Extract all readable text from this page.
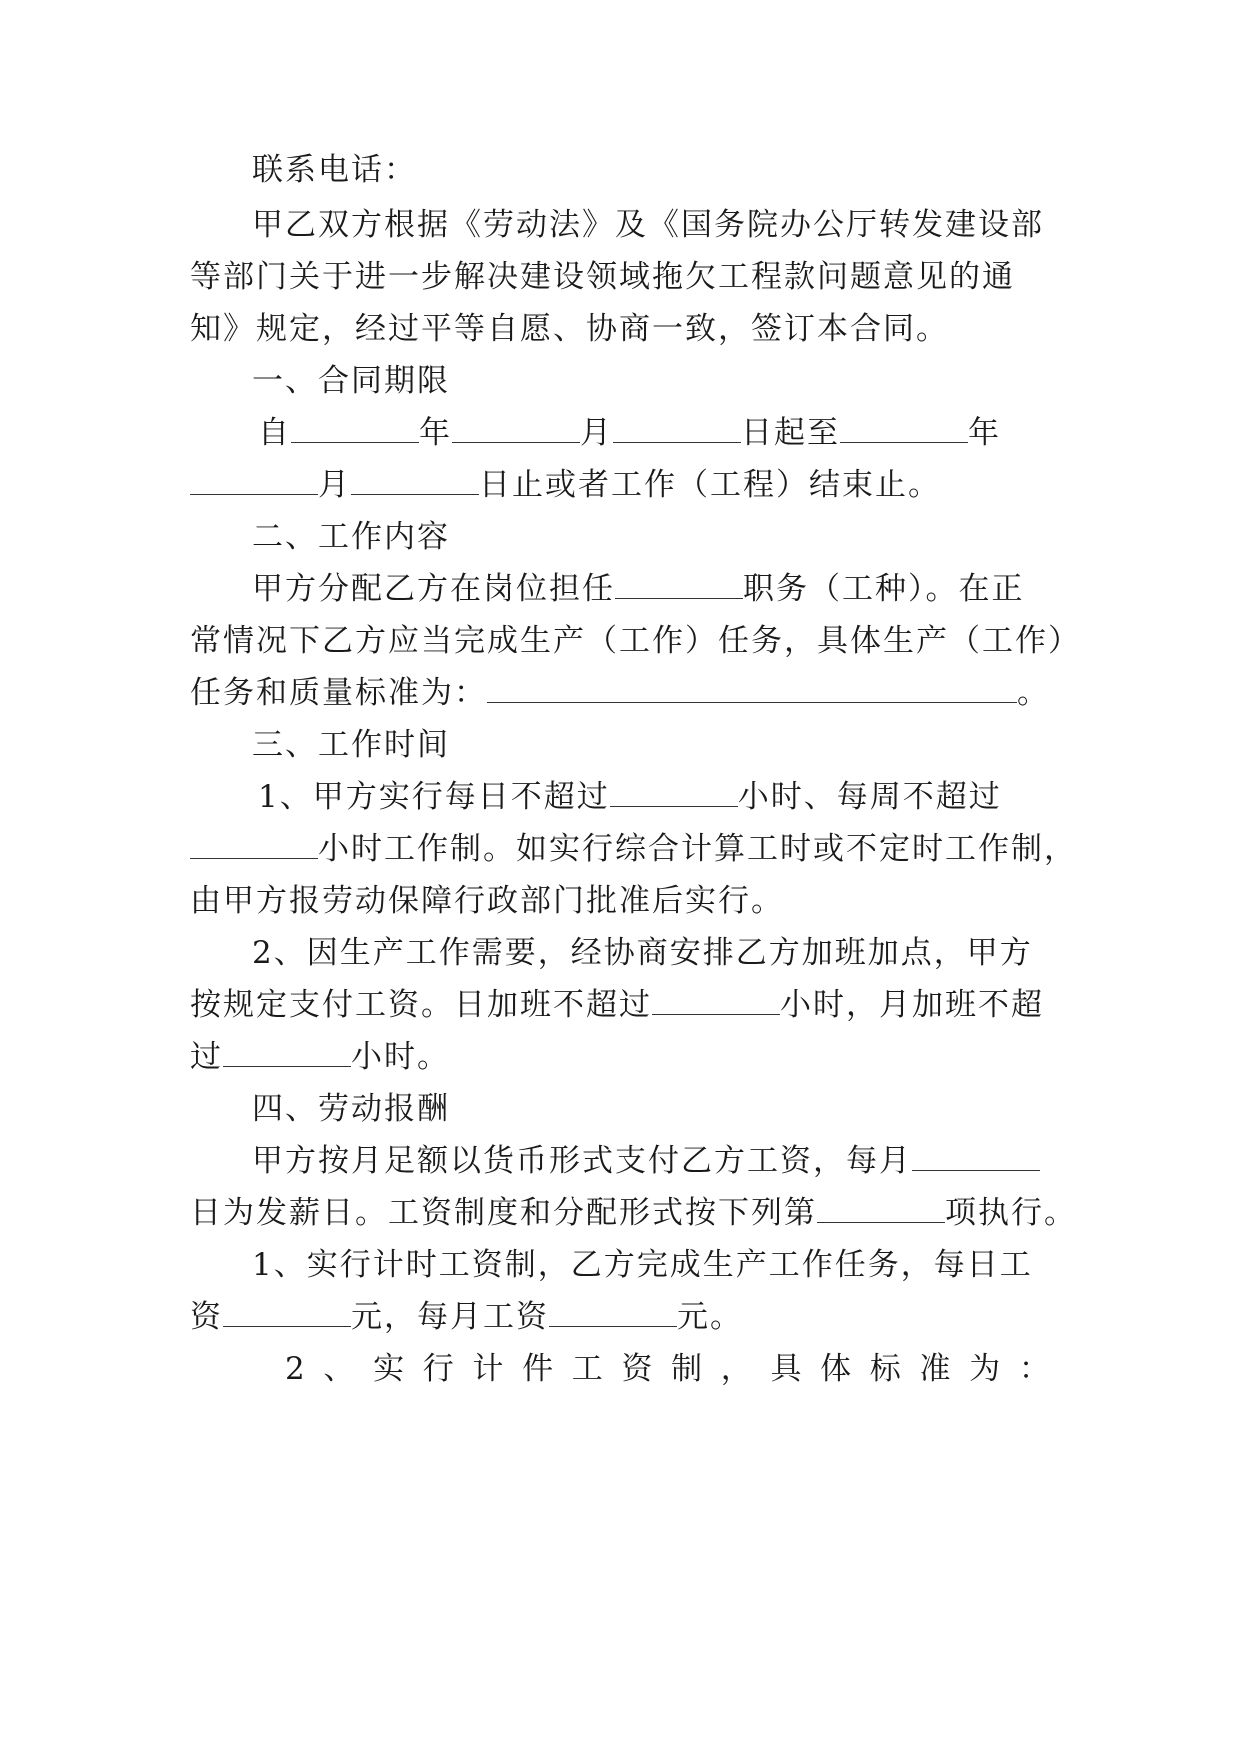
联系电话：
甲乙双方根据《劳动法》及《国务院办公厅转发建设部
等部门关于进一步解决建设领域拖欠工程款问题意见的通
知》规定，经过平等自愿、协商一致，签订本合同。
一、合同期限
自	年	月	日起至	年
月	日止或者工作（工程）结束止。
二、工作内容
甲方分配乙方在岗位担任	职务（工种）。在正
常情况下乙方应当完成生产（工作）任务，具体生产（工作）
任务和质量标准为：	。
三、工作时间
1、甲方实行每日不超过	小时、每周不超过
小时工作制。如实行综合计算工时或不定时工作制，
由甲方报劳动保障行政部门批准后实行。
2、因生产工作需要，经协商安排乙方加班加点，甲方
按规定支付工资。日加班不超过	小时，月加班不超
过	小时。
四、劳动报酬
甲方按月足额以货币形式支付乙方工资，每月
日为发薪日。工资制度和分配形式按下列第	项执行。
1、实行计时工资制，乙方完成生产工作任务，每日工
资	元，每月工资	元。
2 、 实 行 计 件 工 资 制 ， 具 体 标 准 为 ：
